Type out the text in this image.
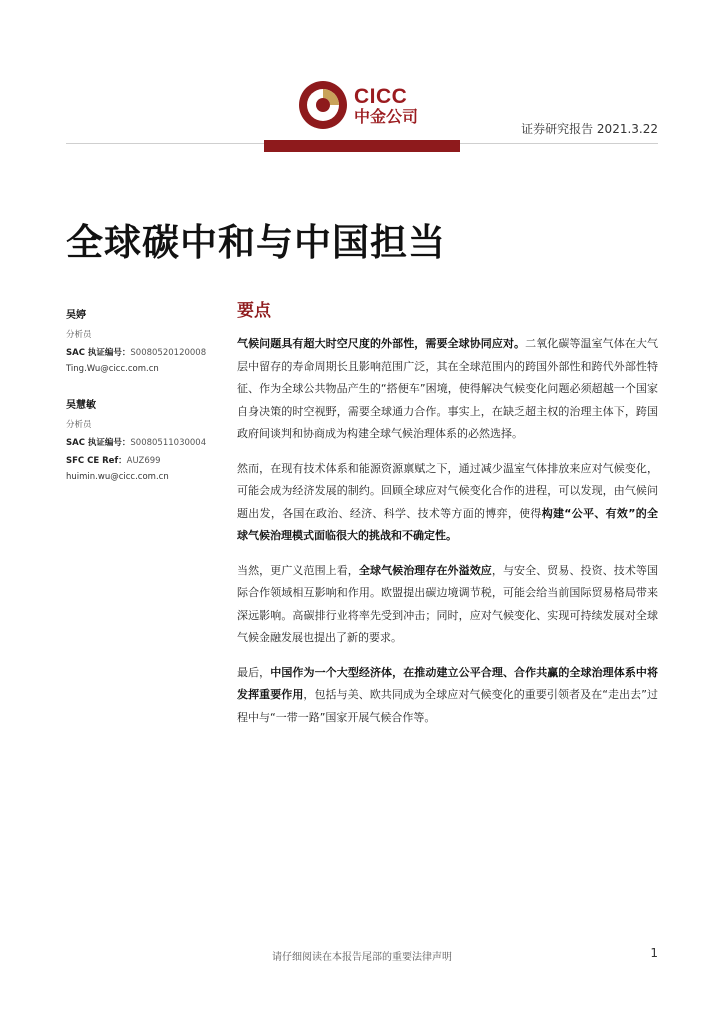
CICC
中金公司
证券研究报告 2021.3.22
全球碳中和与中国担当
吴婷
分析员
SAC 执证编号：S0080520120008
Ting.Wu@cicc.com.cn
吴慧敏
分析员
SAC 执证编号：S0080511030004
SFC CE Ref：AUZ699
huimin.wu@cicc.com.cn
要点

气候问题具有超大时空尺度的外部性，需要全球协同应对。二氧化碳等温室气体在大气层中留存的寿命周期长且影响范围广泛，其在全球范围内的跨国外部性和跨代外部性特征、作为全球公共物品产生的“搭便车”困境，使得解决气候变化问题必须超越一个国家自身决策的时空视野，需要全球通力合作。事实上，在缺乏超主权的治理主体下，跨国政府间谈判和协商成为构建全球气候治理体系的必然选择。

然而，在现有技术体系和能源资源禀赋之下，通过减少温室气体排放来应对气候变化，可能会成为经济发展的制约。回顾全球应对气候变化合作的进程，可以发现，由气候问题出发，各国在政治、经济、科学、技术等方面的博弈，使得构建“公平、有效”的全球气候治理模式面临很大的挑战和不确定性。

当然，更广义范围上看，全球气候治理存在外溢效应，与安全、贸易、投资、技术等国际合作领域相互影响和作用。欧盟提出碳边境调节税，可能会给当前国际贸易格局带来深远影响。高碳排行业将率先受到冲击；同时，应对气候变化、实现可持续发展对全球气候金融发展也提出了新的要求。

最后，中国作为一个大型经济体，在推动建立公平合理、合作共赢的全球治理体系中将发挥重要作用，包括与美、欧共同成为全球应对气候变化的重要引领者及在“走出去”过程中与“一带一路”国家开展气候合作等。

请仔细阅读在本报告尾部的重要法律声明	1
